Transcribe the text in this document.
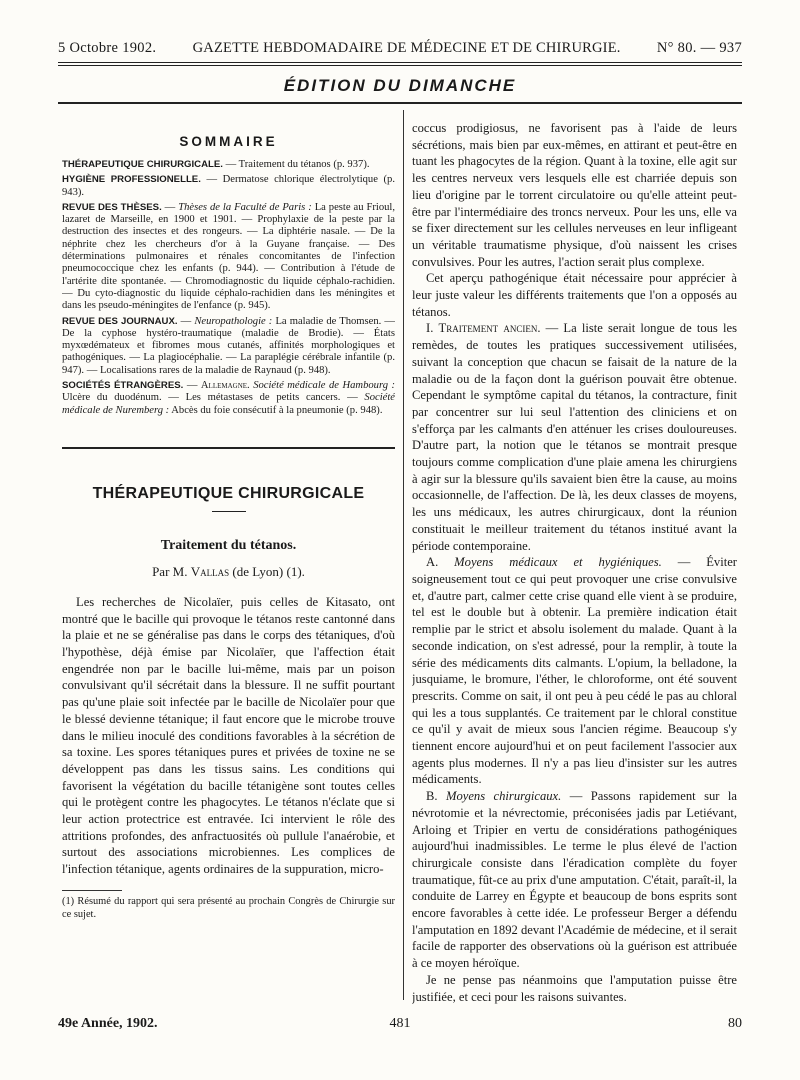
5 Octobre 1902.	GAZETTE HEBDOMADAIRE DE MÉDECINE ET DE CHIRURGIE.	N° 80. — 937
ÉDITION DU DIMANCHE
SOMMAIRE

THÉRAPEUTIQUE CHIRURGICALE. — Traitement du tétanos (p. 937).

HYGIÈNE PROFESSIONELLE. — Dermatose chlorique électrolytique (p. 943).

REVUE DES THÈSES. — Thèses de la Faculté de Paris : La peste au Frioul, lazaret de Marseille, en 1900 et 1901. — Prophylaxie de la peste par la destruction des insectes et des rongeurs. — La diphtérie nasale. — De la néphrite chez les chercheurs d'or à la Guyane française. — Des déterminations pulmonaires et rénales concomitantes de l'infection pneumococcique chez les enfants (p. 944). — Contribution à l'étude de l'artérite dite spontanée. — Chromodiagnostic du liquide céphalo-rachidien. — Du cyto-diagnostic du liquide céphalo-rachidien dans les méningites et dans les pseudo-méningites de l'enfance (p. 945).

REVUE DES JOURNAUX. — Neuropathologie : La maladie de Thomsen. — De la cyphose hystéro-traumatique (maladie de Brodie). — États myxœdémateux et fibromes mous cutanés, affinités morphologiques et pathogéniques. — La plagiocéphalie. — La paraplégie cérébrale infantile (p. 947). — Localisations rares de la maladie de Raynaud (p. 948).

SOCIÉTÉS ÉTRANGÈRES. — Allemagne. Société médicale de Hambourg : Ulcère du duodénum. — Les métastases de petits cancers. — Société médicale de Nuremberg : Abcès du foie consécutif à la pneumonie (p. 948).

THÉRAPEUTIQUE CHIRURGICALE
Traitement du tétanos.
Par M. Vallas (de Lyon) (1).

Les recherches de Nicolaïer, puis celles de Kitasato, ont montré que le bacille qui provoque le tétanos reste cantonné dans la plaie et ne se généralise pas dans le corps des tétaniques, d'où l'hypothèse, déjà émise par Nicolaïer, que l'affection était engendrée non par le bacille lui-même, mais par un poison convulsivant qu'il sécrétait dans la blessure. Il ne suffit pourtant pas qu'une plaie soit infectée par le bacille de Nicolaïer pour que le blessé devienne tétanique; il faut encore que le microbe trouve dans le milieu inoculé des conditions favorables à la sécrétion de sa toxine. Les spores tétaniques pures et privées de toxine ne se développent pas dans les tissus sains. Les conditions qui favorisent la végétation du bacille tétanigène sont toutes celles qui le protègent contre les phagocytes. Le tétanos n'éclate que si leur action protectrice est entravée. Ici intervient le rôle des attritions profondes, des anfractuosités où pullule l'anaérobie, et surtout des associations microbiennes. Les complices de l'infection tétanique, agents ordinaires de la suppuration, micro-

(1) Résumé du rapport qui sera présenté au prochain Congrès de Chirurgie sur ce sujet.

coccus prodigiosus, ne favorisent pas à l'aide de leurs sécrétions, mais bien par eux-mêmes, en attirant et peut-être en tuant les phagocytes de la région. Quant à la toxine, elle agit sur les centres nerveux vers lesquels elle est charriée depuis son lieu d'origine par le torrent circulatoire ou qu'elle atteint peut-être par l'intermédiaire des troncs nerveux. Pour les uns, elle va se fixer directement sur les cellules nerveuses en leur infligeant un véritable traumatisme physique, d'où naissent les crises convulsives. Pour les autres, l'action serait plus complexe.

Cet aperçu pathogénique était nécessaire pour apprécier à leur juste valeur les différents traitements que l'on a opposés au tétanos.

I. Traitement ancien. — La liste serait longue de tous les remèdes, de toutes les pratiques successivement utilisées, suivant la conception que chacun se faisait de la nature de la maladie ou de la façon dont la guérison pouvait être obtenue. Cependant le symptôme capital du tétanos, la contracture, finit par concentrer sur lui seul l'attention des cliniciens et on s'efforça par les calmants d'en atténuer les crises douloureuses. D'autre part, la notion que le tétanos se montrait presque toujours comme complication d'une plaie amena les chirurgiens à agir sur la blessure qu'ils savaient bien être la cause, au moins occasionnelle, de l'affection. De là, les deux classes de moyens, les uns médicaux, les autres chirurgicaux, dont la réunion constituait le meilleur traitement du tétanos institué avant la période contemporaine.

A. Moyens médicaux et hygiéniques. — Éviter soigneusement tout ce qui peut provoquer une crise convulsive et, d'autre part, calmer cette crise quand elle vient à se produire, tel est le double but à obtenir. La première indication était remplie par le strict et absolu isolement du malade. Quant à la seconde indication, on s'est adressé, pour la remplir, à toute la série des médicaments dits calmants. L'opium, la belladone, la jusquiame, le bromure, l'éther, le chloroforme, ont été souvent prescrits. Comme on sait, il ont peu à peu cédé le pas au chloral qui les a tous supplantés. Ce traitement par le chloral constitue ce qu'il y avait de mieux sous l'ancien régime. Beaucoup s'y tiennent encore aujourd'hui et on peut facilement l'associer aux agents plus modernes. Il n'y a pas lieu d'insister sur les autres médicaments.

B. Moyens chirurgicaux. — Passons rapidement sur la névrotomie et la névrectomie, préconisées jadis par Letiévant, Arloing et Tripier en vertu de considérations pathogéniques aujourd'hui inadmissibles. Le terme le plus élevé de l'action chirurgicale consiste dans l'éradication complète du foyer traumatique, fût-ce au prix d'une amputation. C'était, paraît-il, la conduite de Larrey en Égypte et beaucoup de bons esprits sont encore favorables à cette idée. Le professeur Berger a défendu l'amputation en 1892 devant l'Académie de médecine, et il serait facile de rapporter des observations où la guérison est attribuée à ce moyen héroïque.

Je ne pense pas néanmoins que l'amputation puisse être justifiée, et ceci pour les raisons suivantes.

49e Année, 1902.	481	80
